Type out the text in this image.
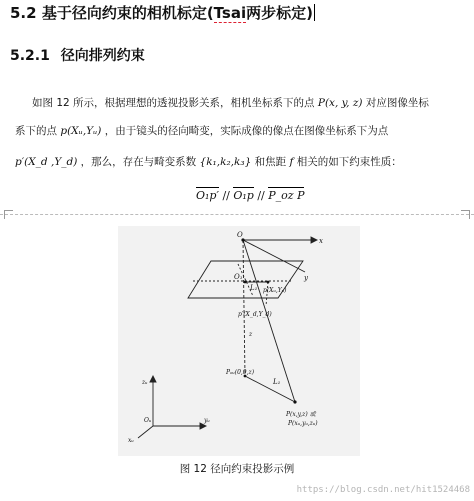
5.2 基于径向约束的相机标定(Tsai两步标定)
5.2.1 径向排列约束
如图 12 所示，根据理想的透视投影关系，相机坐标系下的点 P(x, y, z) 对应图像坐标
系下的点 p(Xᵤ,Yᵤ) ，由于镜头的径向畸变，实际成像的像点在图像坐标系下为点
p′(X_d ,Y_d) ，那么，存在与畸变系数 {k₁,k₂,k₃} 和焦距 f 相关的如下约束性质：
O₁p′ // O₁p // P_oz P
O
x
y
O₁
L₁ p(Xᵤ,Yᵤ)
p′(X_d,Y_d)
Pₒᵤ(0,0,z)
L₁
P(x,y,z) 或
P(xᵤ,yᵤ,zᵤ)
zᵤ
yᵤ
xᵤ
Oᵤ
z
图 12 径向约束投影示例
https://blog.csdn.net/hit1524468
